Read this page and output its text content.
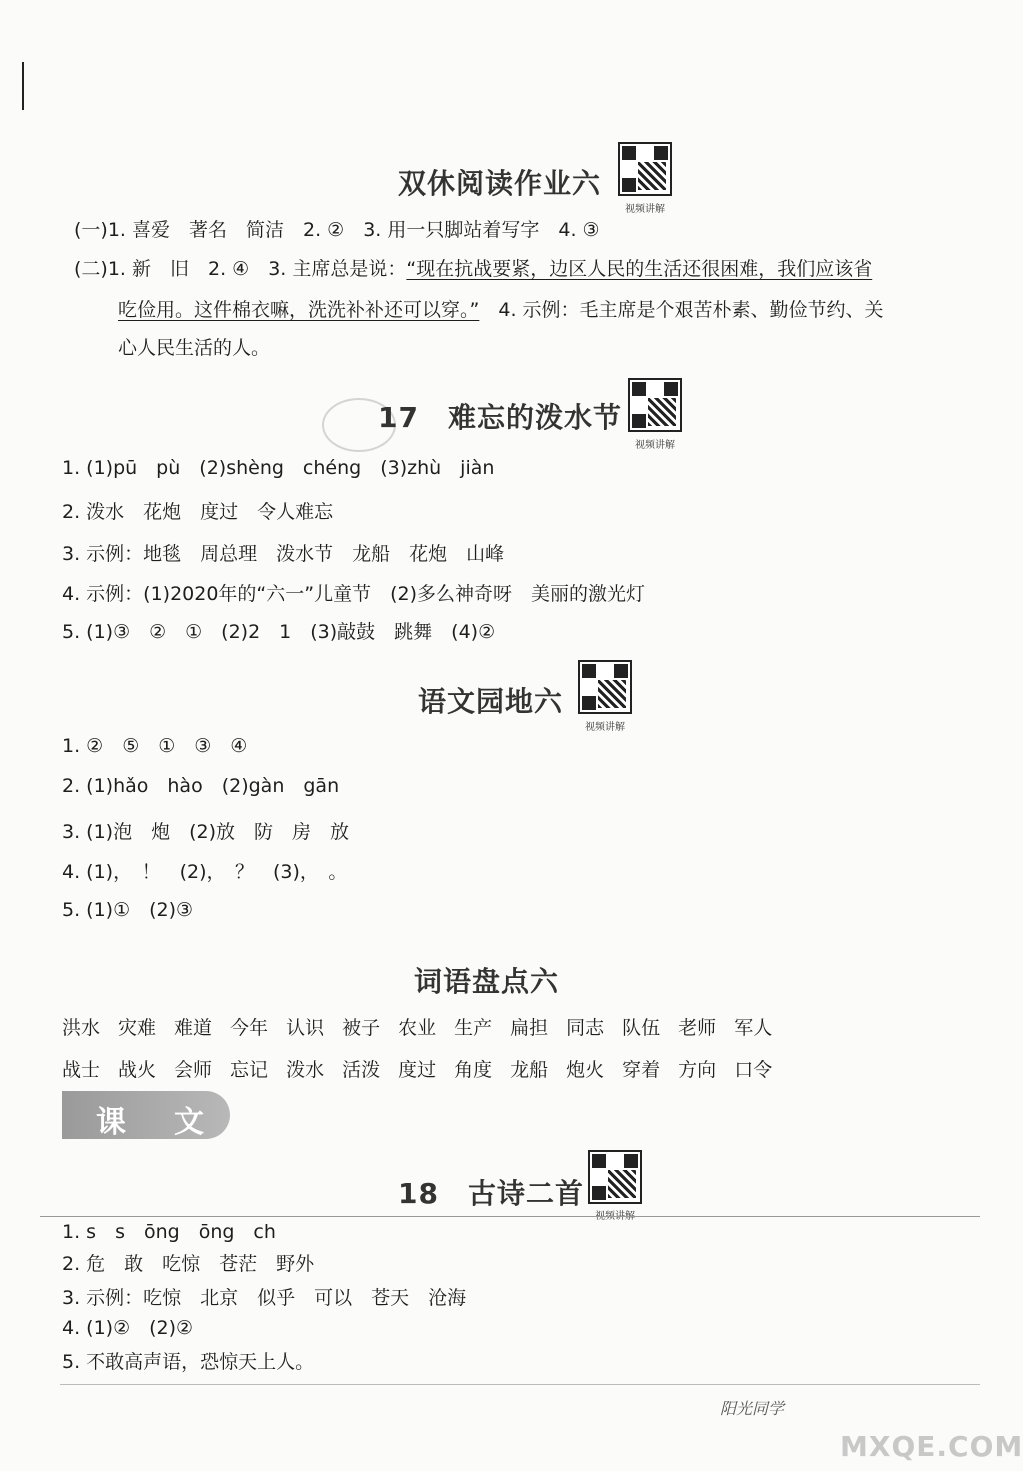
双休阅读作业六
视频讲解
(一)1. 喜爱　著名　简洁　2. ②　3. 用一只脚站着写字　4. ③
(二)1. 新　旧　2. ④　3. 主席总是说：“现在抗战要紧，边区人民的生活还很困难，我们应该省
吃俭用。这件棉衣嘛，洗洗补补还可以穿。”　4. 示例：毛主席是个艰苦朴素、勤俭节约、关
心人民生活的人。
17　难忘的泼水节
视频讲解
1. (1)pū　pù　(2)shèng　chéng　(3)zhù　jiàn
2. 泼水　花炮　度过　令人难忘
3. 示例：地毯　周总理　泼水节　龙船　花炮　山峰
4. 示例：(1)2020年的“六一”儿童节　(2)多么神奇呀　美丽的激光灯
5. (1)③　②　①　(2)2　1　(3)敲鼓　跳舞　(4)②
语文园地六
视频讲解
1. ②　⑤　①　③　④
2. (1)hǎo　hào　(2)gàn　gān
3. (1)泡　炮　(2)放　防　房　放
4. (1)，　！　(2)，　？　(3)，　。
5. (1)①　(2)③
词语盘点六
洪水 灾难 难道 今年 认识 被子 农业 生产 扁担 同志 队伍 老师 军人
战士 战火 会师 忘记 泼水 活泼 度过 角度 龙船 炮火 穿着 方向 口令
课 文
18　古诗二首
1. s　s　ōng　ōng　ch
2. 危　敢　吃惊　苍茫　野外
3. 示例：吃惊　北京　似乎　可以　苍天　沧海
4. (1)②　(2)②
5. 不敢高声语，恐惊天上人。
阳光同学
MXQE.COM
